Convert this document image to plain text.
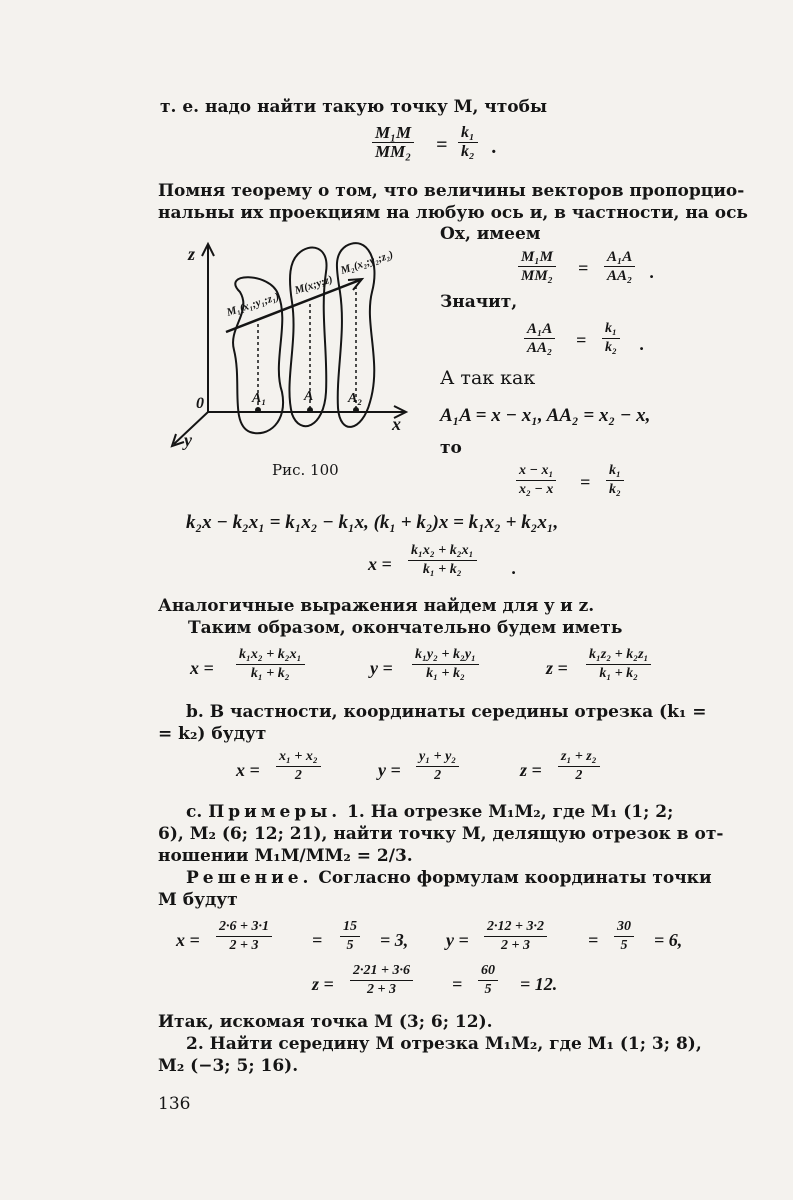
т. е. надо найти такую точку M, чтобы
$\frac{\text{M₁M}}{\text{MM₂}} = \frac{\text{k₁}}{\text{k₂}}$ .
Помня теорему о том, что величины векторов пропорцио-
нальны их проекциям на любую ось и, в частности, на ось
Ox, имеем
z
x
y
0
M₁(x₁;y₁;z₁)
M(x;y;z)
M₂(x₂;y₂;z₂)
A₁	A A₂
Рис. 100
$\frac{\text{M₁M}}{\text{MM₂}} = \frac{\text{A₁A}}{\text{AA₂}}$ .
Значит,
$\frac{\text{A₁A}}{\text{AA₂}} = \frac{\text{k₁}}{\text{k₂}}$ .
А так как
A₁A = x − x₁, AA₂ = x₂ − x,
то
$\frac{\text{x − x₁}}{\text{x₂ − x}} = \frac{\text{k₁}}{\text{k₂}}$
k₂x − k₂x₁ = k₁x₂ − k₁x, (k₁ + k₂)x = k₁x₂ + k₂x₁,
$x = \frac{\text{k₁x₂ + k₂x₁}}{\text{k₁ + k₂}}$ .
Аналогичные выражения найдем для y и z.
Таким образом, окончательно будем иметь
$x = \frac{\text{k₁x₂ + k₂x₁}}{\text{k₁ + k₂}}$	$y = \frac{\text{k₁y₂ + k₂y₁}}{\text{k₁ + k₂}}$	$z = \frac{\text{k₁z₂ + k₂z₁}}{\text{k₁ + k₂}}$
b. В частности, координаты середины отрезка (k₁ =
= k₂) будут
$x = \frac{\text{x₁ + x₂}}{2}$	$y = \frac{\text{y₁ + y₂}}{2}$	$z = \frac{\text{z₁ + z₂}}{2}$
с. Примеры. 1. На отрезке M₁M₂, где M₁ (1; 2;
6), M₂ (6; 12; 21), найти точку M, делящую отрезок в от-
ношении M₁M/MM₂ = 2/3.
Решение. Согласно формулам координаты точки
M будут
$x = \frac{2\cdot 6 + 3\cdot 1}{2 + 3} = \frac{15}{5} = 3$, $y = \frac{2\cdot 12 + 3\cdot 2}{2 + 3} = \frac{30}{5} = 6$,
$z = \frac{2\cdot 21 + 3\cdot 6}{2 + 3} = \frac{60}{5} = 12$.
Итак, искомая точка M (3; 6; 12).
2. Найти середину M отрезка M₁M₂, где M₁ (1; 3; 8),
M₂ (−3; 5; 16).
136
